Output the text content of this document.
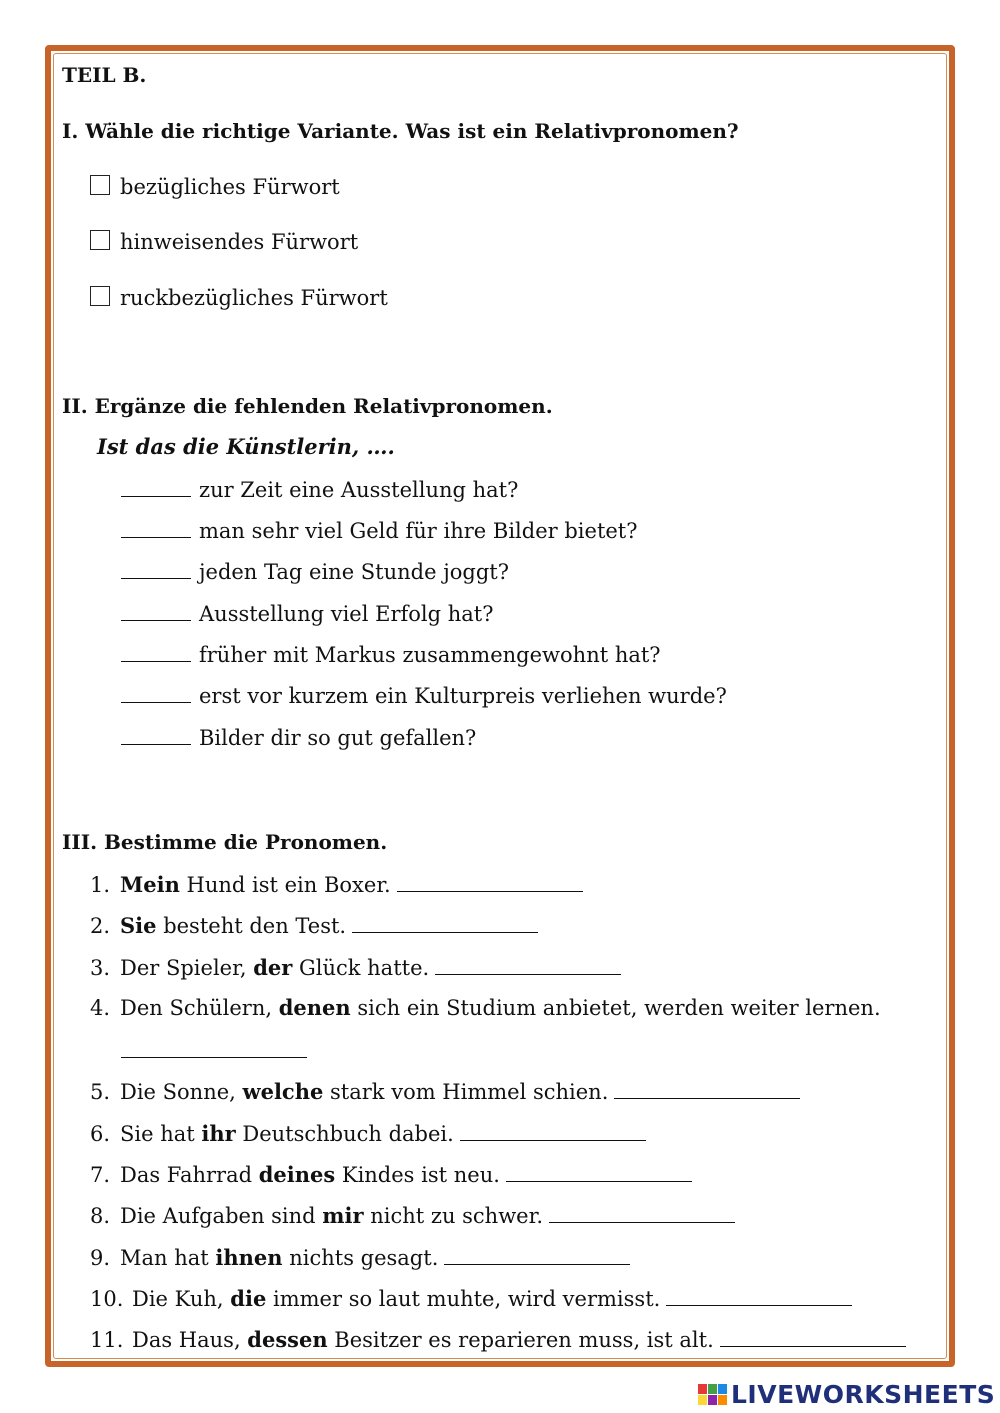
TEIL B.
I. Wähle die richtige Variante. Was ist ein Relativpronomen?
bezügliches Fürwort
hinweisendes Fürwort
ruckbezügliches Fürwort
II. Ergänze die fehlenden Relativpronomen.
Ist das die Künstlerin, ….
zur Zeit eine Ausstellung hat?
man sehr viel Geld für ihre Bilder bietet?
jeden Tag eine Stunde joggt?
Ausstellung viel Erfolg hat?
früher mit Markus zusammengewohnt hat?
erst vor kurzem ein Kulturpreis verliehen wurde?
Bilder dir so gut gefallen?
III. Bestimme die Pronomen.
1. Mein Hund ist ein Boxer.
2. Sie besteht den Test.
3. Der Spieler, der Glück hatte.
4. Den Schülern, denen sich ein Studium anbietet, werden weiter lernen.
5. Die Sonne, welche stark vom Himmel schien.
6. Sie hat ihr Deutschbuch dabei.
7. Das Fahrrad deines Kindes ist neu.
8. Die Aufgaben sind mir nicht zu schwer.
9. Man hat ihnen nichts gesagt.
10. Die Kuh, die immer so laut muhte, wird vermisst.
11. Das Haus, dessen Besitzer es reparieren muss, ist alt.
LIVEWORKSHEETS
